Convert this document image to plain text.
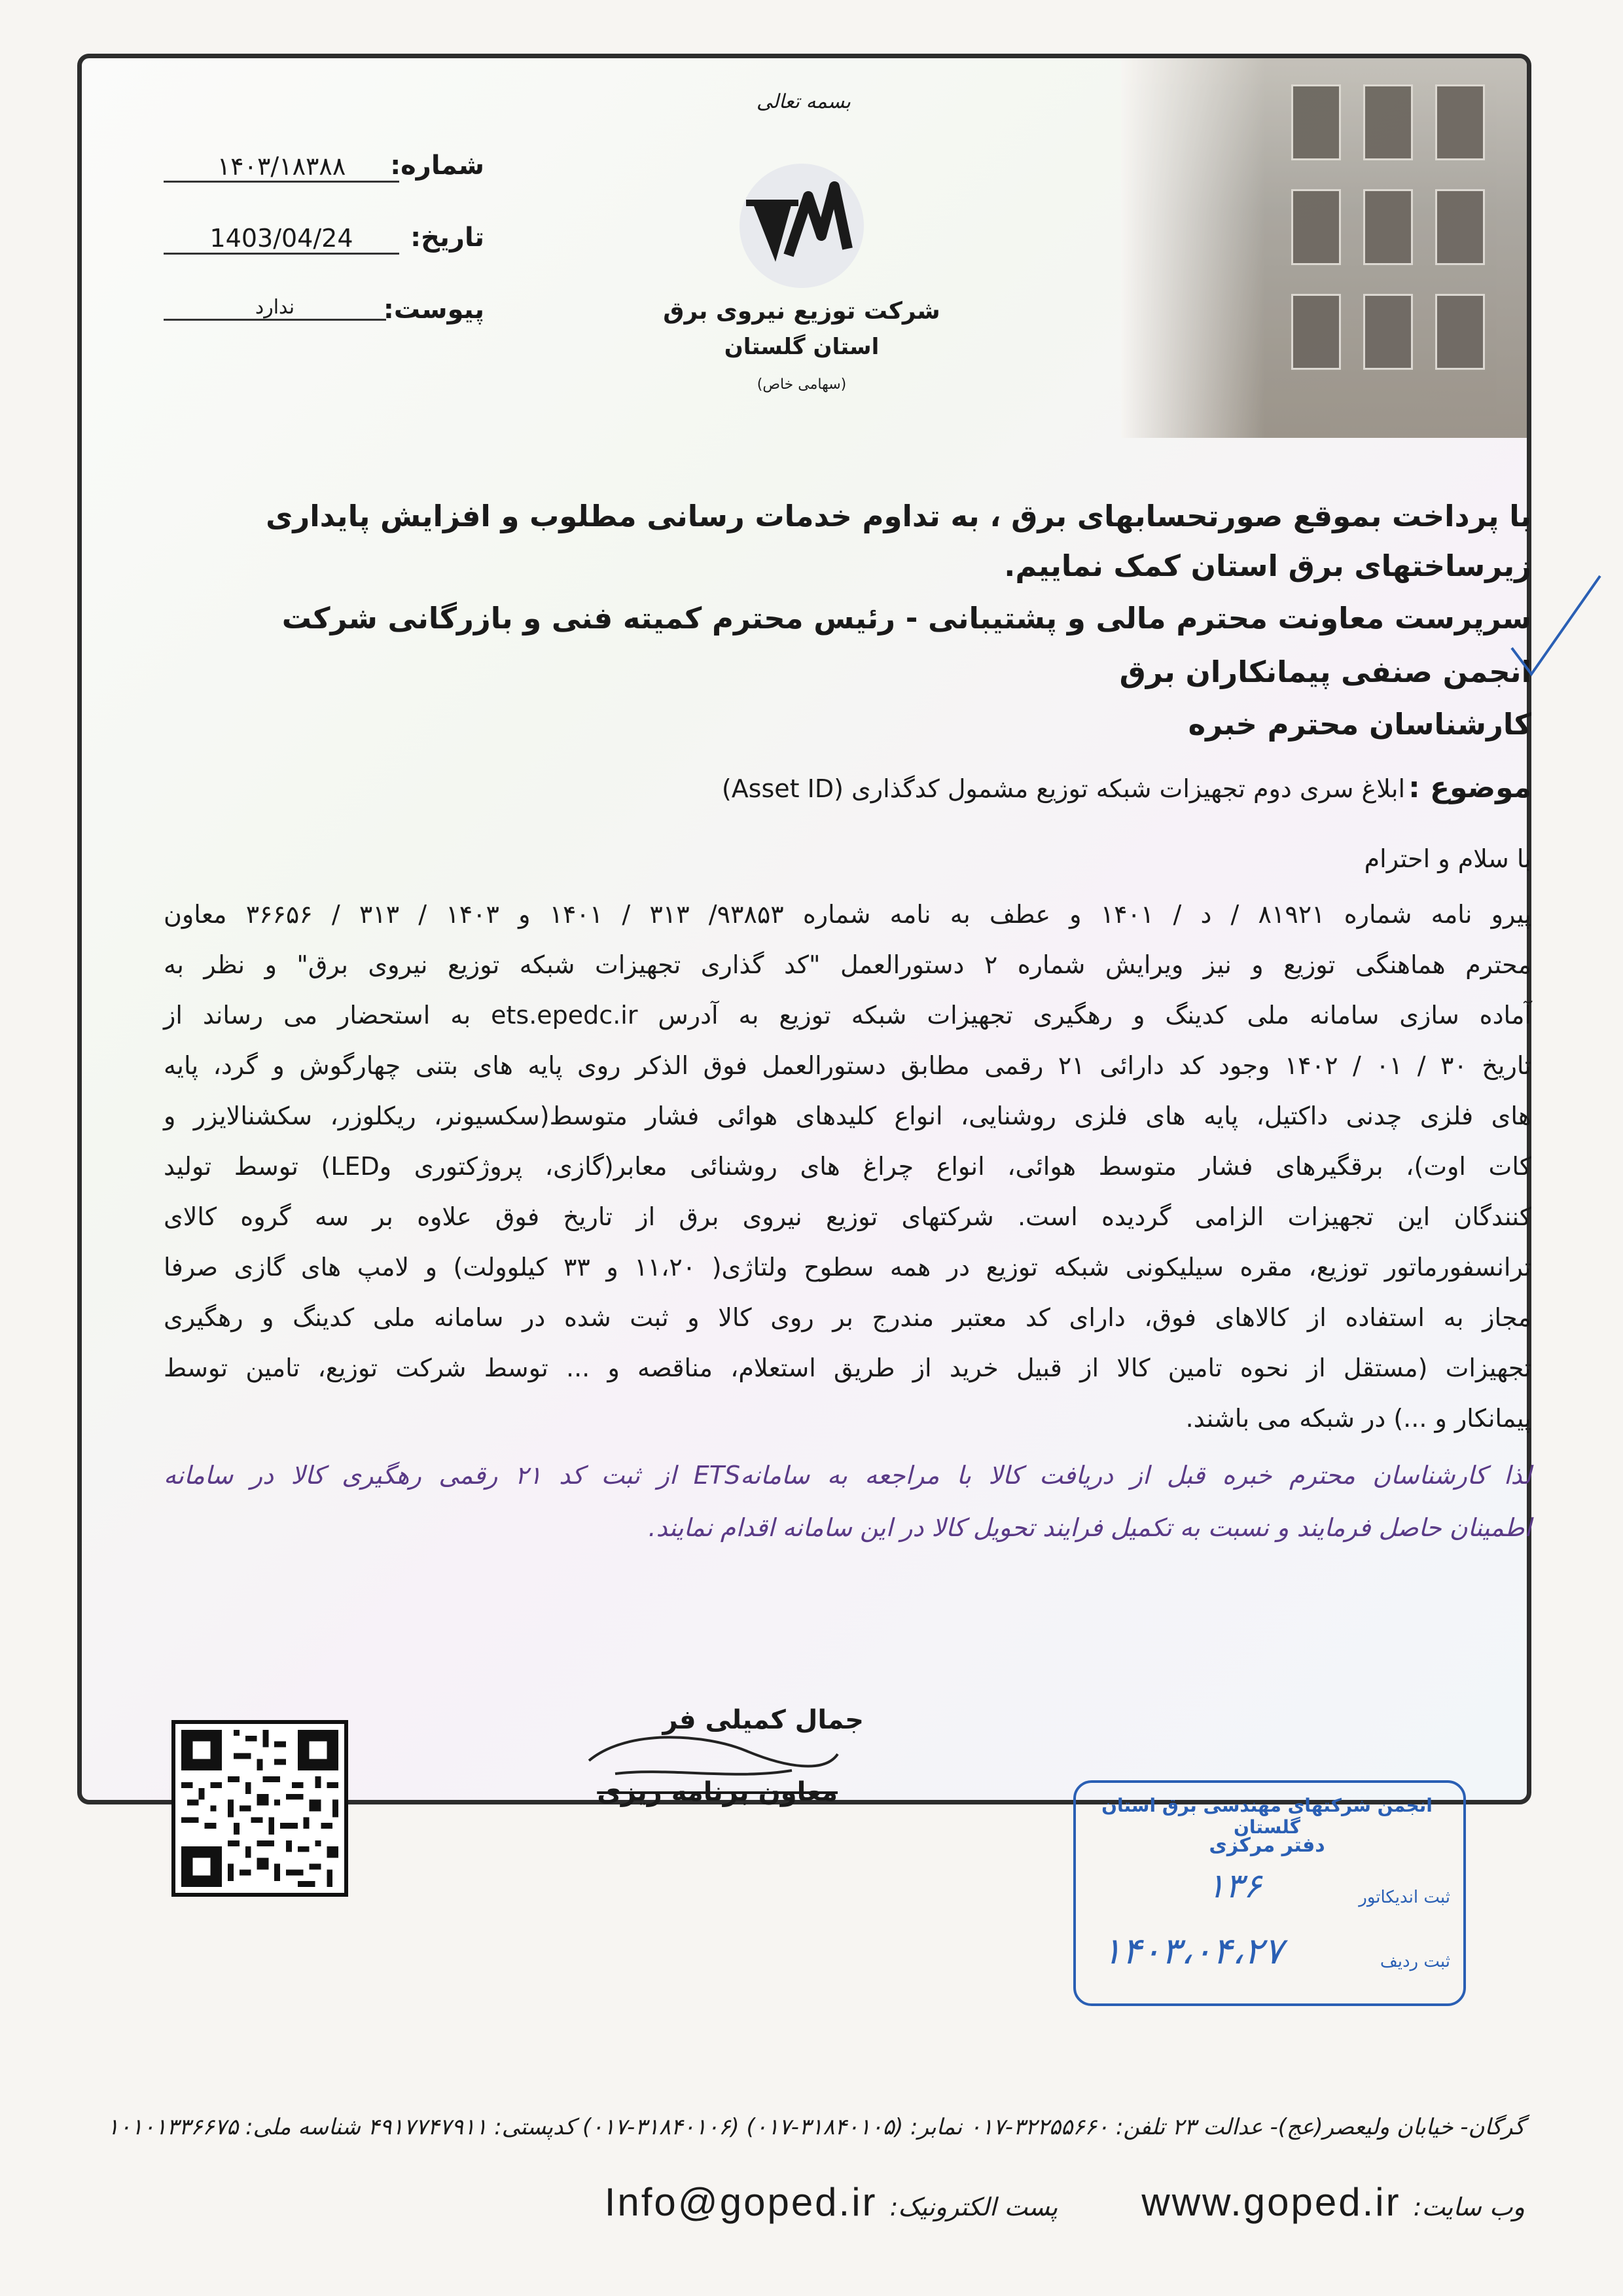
بسمه تعالی
شماره:
۱۴۰۳/۱۸۳۸۸
تاریخ:
1403/04/24
پیوست:
ندارد	شرکت توزیع نیروی برق
استان گلستان
(سهامی خاص)
با پرداخت بموقع صورتحسابهای برق ، به تداوم خدمات رسانی مطلوب و افزایش پایداری
زیرساختهای برق استان کمک نماییم.
سرپرست معاونت محترم مالی و پشتیبانی - رئیس محترم کمیته فنی و بازرگانی شرکت
انجمن صنفی پیمانکاران برق
کارشناسان محترم خبره
موضوع : ابلاغ سری دوم تجهیزات شبکه توزیع مشمول کدگذاری (Asset ID)
با سلام و احترام
پیرو نامه شماره ۸۱۹۲۱ / د / ۱۴۰۱ و عطف به نامه شماره ۹۳۸۵۳/ ۳۱۳ / ۱۴۰۱ و ۱۴۰۳ / ۳۱۳ / ۳۶۶۵۶ معاون
محترم هماهنگی توزیع و نیز ویرایش شماره ۲ دستورالعمل "کد گذاری تجهیزات شبکه توزیع نیروی برق" و نظر به
آماده سازی سامانه ملی کدینگ و رهگیری تجهیزات شبکه توزیع به آدرس ets.epedc.ir به استحضار می رساند از
تاریخ ۳۰ / ۰۱ / ۱۴۰۲ وجود کد دارائی ۲۱ رقمی مطابق دستورالعمل فوق الذکر روی پایه های بتنی چهارگوش و گرد، پایه
های فلزی چدنی داکتیل، پایه های فلزی روشنایی، انواع کلیدهای هوائی فشار متوسط(سکسیونر، ریکلوزر، سکشنالایزر و
کات اوت)، برقگیرهای فشار متوسط هوائی، انواع چراغ های روشنائی معابر(گازی، پروژکتوری وLED) توسط تولید
کنندگان این تجهیزات الزامی گردیده است. شرکتهای توزیع نیروی برق از تاریخ فوق علاوه بر سه گروه کالای
ترانسفورماتور توزیع، مقره سیلیکونی شبکه توزیع در همه سطوح ولتاژی( ۱۱،۲۰ و ۳۳ کیلوولت) و لامپ های گازی صرفا
مجاز به استفاده از کالاهای فوق، دارای کد معتبر مندرج بر روی کالا و ثبت شده در سامانه ملی کدینگ و رهگیری
تجهیزات (مستقل از نحوه تامین کالا از قبیل خرید از طریق استعلام، مناقصه و ... توسط شرکت توزیع، تامین توسط
پیمانکار و ...) در شبکه می باشند.
لذا کارشناسان محترم خبره قبل از دریافت کالا با مراجعه به سامانهETS از ثبت کد ۲۱ رقمی رهگیری کالا در سامانه
اطمینان حاصل فرمایند و نسبت به تکمیل فرایند تحویل کالا در این سامانه اقدام نمایند.
جمال کمیلی فر
معاون برنامه ریزی	انجمن شرکتهای مهندسی برق استان گلستان
دفتر مرکزی
ثبت اندیکاتور
۱۳۶
ثبت ردیف
۱۴۰۳،۰۴،۲۷
گرگان- خیابان ولیعصر(عج)- عدالت ۲۳ تلفن: ۳۲۲۵۵۶۶۰-۰۱۷ نمابر: (۳۱۸۴۰۱۰۵-۰۱۷) (۳۱۸۴۰۱۰۶-۰۱۷) کدپستی: ۴۹۱۷۷۴۷۹۱۱ شناسه ملی: ۱۰۱۰۱۳۳۶۶۷۵
وب سایت: www.goped.ir  پست الکترونیک: Info@goped.ir
